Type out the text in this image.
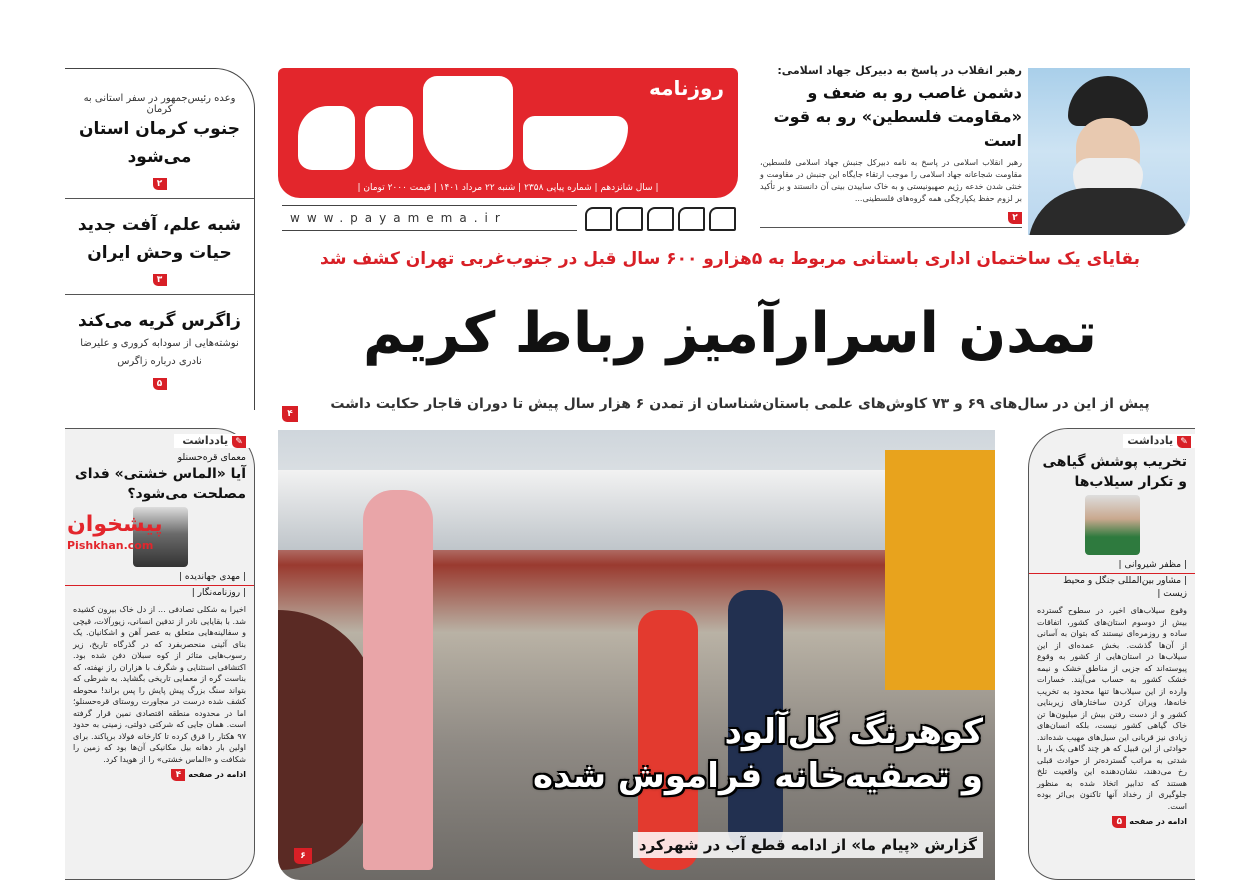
وعده رئیس‌جمهور در سفر استانی به کرمان
جنوب کرمان استان می‌شود
۲
شبه علم، آفت جدید حیات وحش ایران
۳
زاگرس گریه می‌کند
نوشته‌هایی از سودابه کروری و علیرضا نادری درباره زاگرس
۵
روزنامه
| سال شانزدهم | شماره پیاپی ۲۳۵۸ | شنبه ۲۲ مرداد ۱۴۰۱ | قیمت ۲۰۰۰ تومان |
www.payamema.ir
رهبر انقلاب در پاسخ به دبیرکل جهاد اسلامی:
دشمن غاصب رو به ضعف و «مقاومت فلسطین» رو به قوت است
رهبر انقلاب اسلامی در پاسخ به نامه دبیرکل جنبش جهاد اسلامی فلسطین، مقاومت شجاعانه جهاد اسلامی را موجب ارتقاء جایگاه این جنبش در مقاومت و خنثی شدن خدعه رژیم صهیونیستی و به خاک ساییدن بینی آن دانستند و بر تأکید بر لزوم حفظ یکپارچگی همه گروه‌های فلسطینی...
۲
بقایای یک ساختمان اداری باستانی مربوط به ۵هزارو ۶۰۰ سال قبل در جنوب‌غربی تهران کشف شد
تمدن اسرارآمیز رباط کریم
پیش از این در سال‌های ۶۹ و ۷۳ کاوش‌های علمی باستان‌شناسان از تمدن ۶ هزار سال پیش تا دوران قاجار حکایت داشت
۴
کوهرنگ گل‌آلود
و تصفیه‌خانه فراموش شده
گزارش «پیام ما» از ادامه قطع آب در شهرکرد
۶
✎ یادداشت
معمای قره‌حسنلو
آیا «الماس خشتی» فدای مصلحت می‌شود؟
پیشخوان
Pishkhan.com
| مهدی جهاندیده |
| روزنامه‌نگار |
اخیرا به شکلی تصادفی ... از دل خاک بیرون کشیده شد. با بقایایی نادر از تدفین انسانی، زیورآلات، قیچی و سفالینه‌هایی متعلق به عصر آهن و اشکانیان. یک بنای آئینی منحصربفرد که در گذرگاه تاریخ، زیر رسوب‌هایی متاثر از کوه سبلان دفن شده بود. اکتشافی استثنایی و شگرف با هزاران راز نهفته، که بناست گره از معمایی تاریخی بگشاید. به شرطی که بتواند سنگ بزرگ پیش پایش را پس براند! محوطه کشف شده درست در مجاورت روستای قره‌حسنلو؛ اما در محدوده منطقه اقتصادی نمین قرار گرفته است. همان جایی که شرکتی دولتی، زمینی به حدود ۹۷ هکتار را قرق کرده تا کارخانه فولاد برپاکند. برای اولین بار دهانه بیل مکانیکی آن‌ها بود که زمین را شکافت و «الماس خشتی» را از هویدا کرد.
ادامه در صفحه ۴
✎ یادداشت
تخریب پوشش گیاهی و تکرار سیلاب‌ها
| مظفر شیروانی |
| مشاور بین‌المللی جنگل و محیط زیست |
وقوع سیلاب‌های اخیر، در سطوح گسترده بیش از دوسوم استان‌های کشور، اتفاقات ساده و روزمره‌ای نیستند که بتوان به آسانی از آن‌ها گذشت. بخش عمده‌ای از این سیلاب‌ها در استان‌هایی از کشور به وقوع پیوسته‌اند که جزیی از مناطق خشک و نیمه خشک کشور به حساب می‌آیند. خسارات وارده از این سیلاب‌ها تنها محدود به تخریب خانه‌ها، ویران کردن ساختارهای زیربنایی کشور و از دست رفتن بیش از میلیون‌ها تن خاک گیاهی کشور نیست، بلکه انسان‌های زیادی نیز قربانی این سیل‌های مهیب شده‌اند. حوادثی از این قبیل که هر چند گاهی یک بار با شدتی به مراتب گسترده‌تر از حوادث قبلی رخ می‌دهند، نشان‌دهنده این واقعیت تلخ هستند که تدابیر اتخاذ شده به منظور جلوگیری از رخداد آنها تاکنون بی‌اثر بوده است.
ادامه در صفحه ۵
